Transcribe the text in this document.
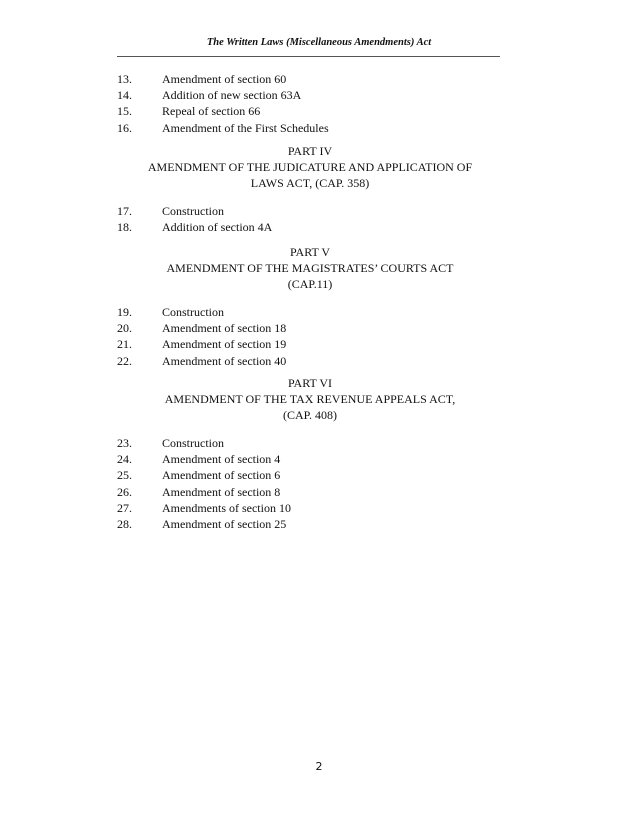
The Written Laws (Miscellaneous Amendments) Act
13.	Amendment of section 60
14.	Addition of new section 63A
15.	Repeal of section 66
16.	Amendment of the First Schedules
PART IV
AMENDMENT OF THE JUDICATURE AND APPLICATION OF
LAWS ACT, (CAP. 358)
17.	Construction
18.	Addition of section 4A
PART V
AMENDMENT OF THE MAGISTRATES’ COURTS ACT
(CAP.11)
19.	Construction
20.	Amendment of section 18
21.	Amendment of section 19
22.	Amendment of section 40
PART VI
AMENDMENT OF THE TAX REVENUE APPEALS ACT,
(CAP. 408)
23.	Construction
24.	Amendment of section 4
25.	Amendment of section 6
26.	Amendment of section 8
27.	Amendments of section 10
28.	Amendment of section 25
2
